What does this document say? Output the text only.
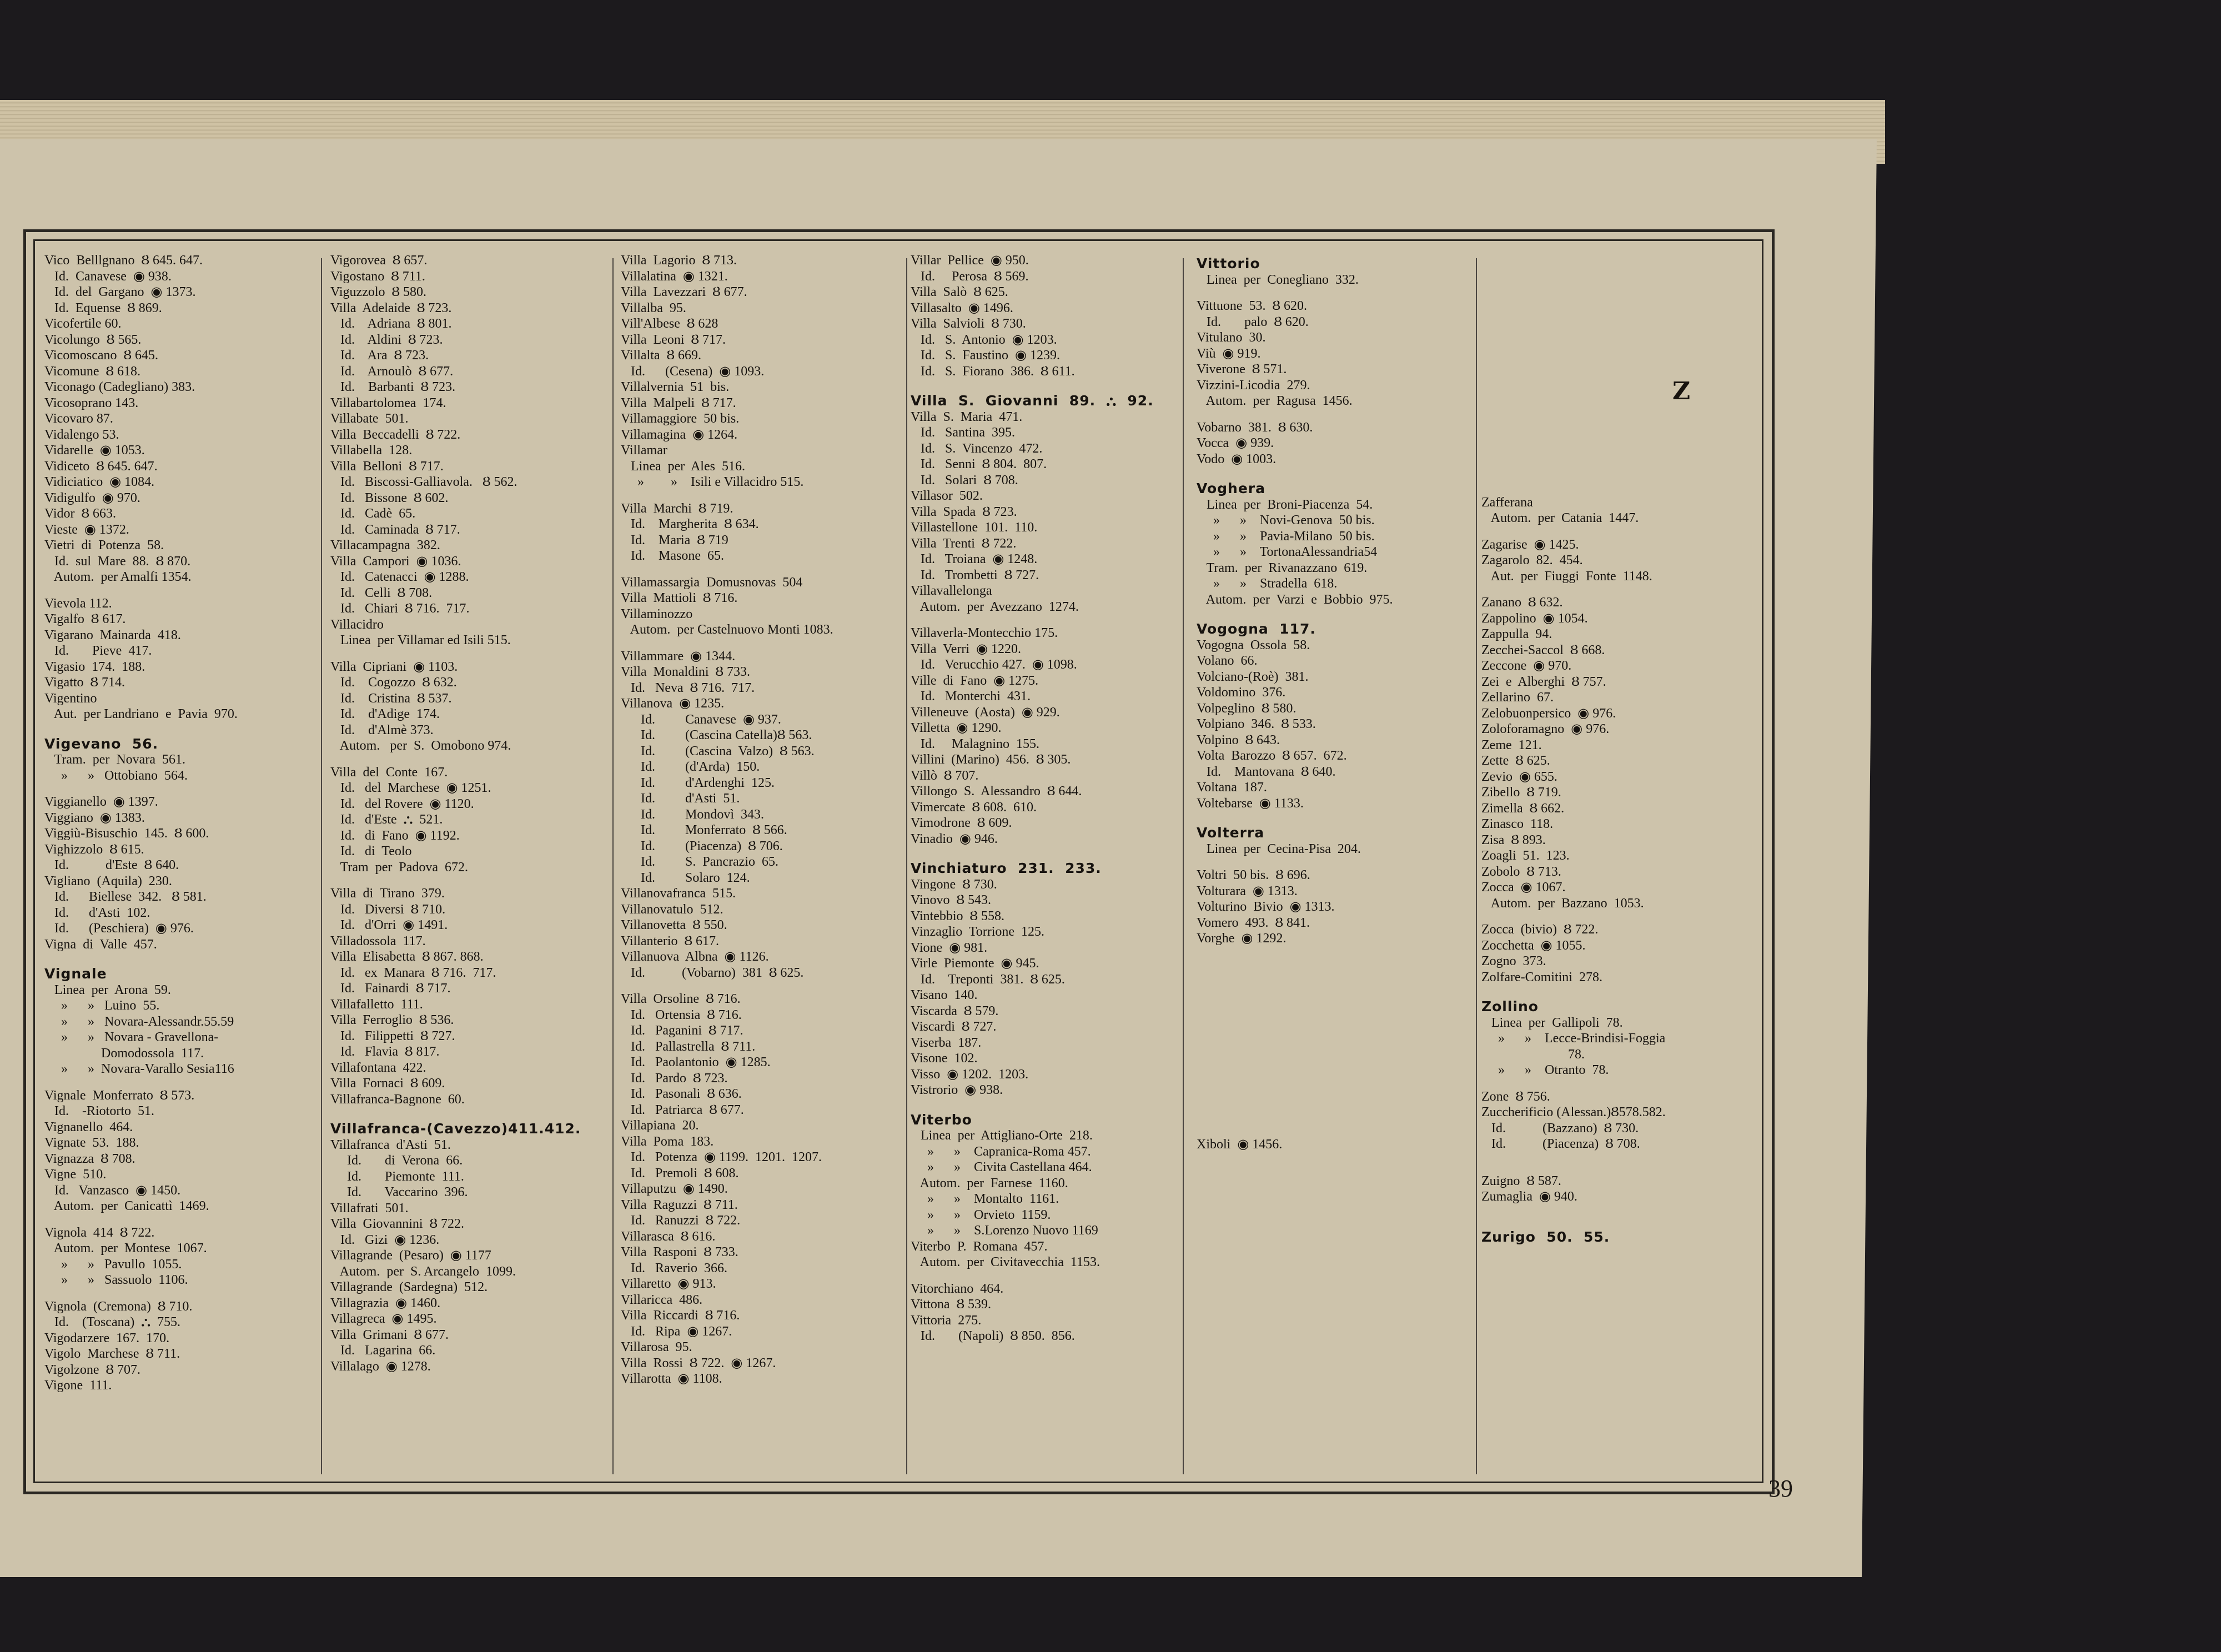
Vico  Belllgnano  Ȣ 645. 647.
Id.  Canavese  ◉ 938.
Id.  del  Gargano  ◉ 1373.
Id.  Equense  Ȣ 869.
Vicofertile 60.
Vicolungo  Ȣ 565.
Vicomoscano  Ȣ 645.
Vicomune  Ȣ 618.
Viconago (Cadegliano) 383.
Vicosoprano 143.
Vicovaro 87.
Vidalengo 53.
Vidarelle  ◉ 1053.
Vidiceto  Ȣ 645. 647.
Vidiciatico  ◉ 1084.
Vidigulfo  ◉ 970.
Vidor  Ȣ 663.
Vieste  ◉ 1372.
Vietri  di  Potenza  58.
Id.  sul  Mare  88.  Ȣ 870.
Autom.  per Amalfi 1354.
Vievola 112.
Vigalfo  Ȣ 617.
Vigarano  Mainarda  418.
Id.       Pieve  417.
Vigasio  174.  188.
Vigatto  Ȣ 714.
Vigentino
Aut.  per Landriano  e  Pavia  970.
Vigevano  56.
Tram.  per  Novara  561.
»      »   Ottobiano  564.
Viggianello  ◉ 1397.
Viggiano  ◉ 1383.
Viggiù-Bisuschio  145.  Ȣ 600.
Vighizzolo  Ȣ 615.
Id.           d'Este  Ȣ 640.
Vigliano  (Aquila)  230.
Id.      Biellese  342.   Ȣ 581.
Id.      d'Asti  102.
Id.      (Peschiera)  ◉ 976.
Vigna  di  Valle  457.
Vignale
Linea  per  Arona  59.
»      »   Luino  55.
»      »   Novara-Alessandr.55.59
»      »   Novara - Gravellona-
Domodossola  117.
»      »  Novara-Varallo Sesia116
Vignale  Monferrato  Ȣ 573.
Id.    -Riotorto  51.
Vignanello  464.
Vignate  53.  188.
Vignazza  Ȣ 708.
Vigne  510.
Id.   Vanzasco  ◉ 1450.
Autom.  per  Canicattì  1469.
Vignola  414  Ȣ 722.
Autom.  per  Montese  1067.
»      »   Pavullo  1055.
»      »   Sassuolo  1106.
Vignola  (Cremona)  Ȣ 710.
Id.    (Toscana)  ⛬  755.
Vigodarzere  167.  170.
Vigolo  Marchese  Ȣ 711.
Vigolzone  Ȣ 707.
Vigone  111.
Vigorovea  Ȣ 657.
Vigostano  Ȣ 711.
Viguzzolo  Ȣ 580.
Villa  Adelaide  Ȣ 723.
Id.    Adriana  Ȣ 801.
Id.    Aldini  Ȣ 723.
Id.    Ara  Ȣ 723.
Id.    Arnoulò  Ȣ 677.
Id.    Barbanti  Ȣ 723.
Villabartolomea  174.
Villabate  501.
Villa  Beccadelli  Ȣ 722.
Villabella  128.
Villa  Belloni  Ȣ 717.
Id.   Biscossi-Galliavola.   Ȣ 562.
Id.   Bissone  Ȣ 602.
Id.   Cadè  65.
Id.   Caminada  Ȣ 717.
Villacampagna  382.
Villa  Campori  ◉ 1036.
Id.   Catenacci  ◉ 1288.
Id.   Celli  Ȣ 708.
Id.   Chiari  Ȣ 716.  717.
Villacidro
Linea  per Villamar ed Isili 515.
Villa  Cipriani  ◉ 1103.
Id.    Cogozzo  Ȣ 632.
Id.    Cristina  Ȣ 537.
Id.    d'Adige  174.
Id.    d'Almè 373.
Autom.   per  S.  Omobono 974.
Villa  del  Conte  167.
Id.   del  Marchese  ◉ 1251.
Id.   del Rovere  ◉ 1120.
Id.   d'Este  ⛬  521.
Id.   di  Fano  ◉ 1192.
Id.   di  Teolo
Tram  per  Padova  672.
Villa  di  Tirano  379.
Id.   Diversi  Ȣ 710.
Id.   d'Orri  ◉ 1491.
Villadossola  117.
Villa  Elisabetta  Ȣ 867. 868.
Id.   ex  Manara  Ȣ 716.  717.
Id.   Fainardi  Ȣ 717.
Villafalletto  111.
Villa  Ferroglio  Ȣ 536.
Id.   Filippetti  Ȣ 727.
Id.   Flavia  Ȣ 817.
Villafontana  422.
Villa  Fornaci  Ȣ 609.
Villafranca-Bagnone  60.
Villafranca-(Cavezzo)411.412.
Villafranca  d'Asti  51.
Id.       di  Verona  66.
Id.       Piemonte  111.
Id.       Vaccarino  396.
Villafrati  501.
Villa  Giovannini  Ȣ 722.
Id.   Gizi  ◉ 1236.
Villagrande  (Pesaro)  ◉ 1177
Autom.  per  S. Arcangelo  1099.
Villagrande  (Sardegna)  512.
Villagrazia  ◉ 1460.
Villagreca  ◉ 1495.
Villa  Grimani  Ȣ 677.
Id.   Lagarina  66.
Villalago  ◉ 1278.
Villa  Lagorio  Ȣ 713.
Villalatina  ◉ 1321.
Villa  Lavezzari  Ȣ 677.
Villalba  95.
Vill'Albese  Ȣ 628
Villa  Leoni  Ȣ 717.
Villalta  Ȣ 669.
Id.      (Cesena)  ◉ 1093.
Villalvernia  51  bis.
Villa  Malpeli  Ȣ 717.
Villamaggiore  50 bis.
Villamagina  ◉ 1264.
Villamar
Linea  per  Ales  516.
»        »    Isili e Villacidro 515.
Villa  Marchi  Ȣ 719.
Id.    Margherita  Ȣ 634.
Id.    Maria  Ȣ 719
Id.    Masone  65.
Villamassargia  Domusnovas  504
Villa  Mattioli  Ȣ 716.
Villaminozzo
Autom.  per Castelnuovo Monti 1083.
Villammare  ◉ 1344.
Villa  Monaldini  Ȣ 733.
Id.   Neva  Ȣ 716.  717.
Villanova  ◉ 1235.
Id.         Canavese  ◉ 937.
Id.         (Cascina Catella)Ȣ 563.
Id.         (Cascina  Valzo)  Ȣ 563.
Id.         (d'Arda)  150.
Id.         d'Ardenghi  125.
Id.         d'Asti  51.
Id.         Mondovì  343.
Id.         Monferrato  Ȣ 566.
Id.         (Piacenza)  Ȣ 706.
Id.         S.  Pancrazio  65.
Id.         Solaro  124.
Villanovafranca  515.
Villanovatulo  512.
Villanovetta  Ȣ 550.
Villanterio  Ȣ 617.
Villanuova  Albna  ◉ 1126.
Id.           (Vobarno)  381  Ȣ 625.
Villa  Orsoline  Ȣ 716.
Id.   Ortensia  Ȣ 716.
Id.   Paganini  Ȣ 717.
Id.   Pallastrella  Ȣ 711.
Id.   Paolantonio  ◉ 1285.
Id.   Pardo  Ȣ 723.
Id.   Pasonali  Ȣ 636.
Id.   Patriarca  Ȣ 677.
Villapiana  20.
Villa  Poma  183.
Id.   Potenza  ◉ 1199.  1201.  1207.
Id.   Premoli  Ȣ 608.
Villaputzu  ◉ 1490.
Villa  Raguzzi  Ȣ 711.
Id.   Ranuzzi  Ȣ 722.
Villarasca  Ȣ 616.
Villa  Rasponi  Ȣ 733.
Id.   Raverio  366.
Villaretto  ◉ 913.
Villaricca  486.
Villa  Riccardi  Ȣ 716.
Id.   Ripa  ◉ 1267.
Villarosa  95.
Villa  Rossi  Ȣ 722.  ◉ 1267.
Villarotta  ◉ 1108.
Villar  Pellice  ◉ 950.
Id.     Perosa  Ȣ 569.
Villa  Salò  Ȣ 625.
Villasalto  ◉ 1496.
Villa  Salvioli  Ȣ 730.
Id.   S.  Antonio  ◉ 1203.
Id.   S.  Faustino  ◉ 1239.
Id.   S.  Fiorano  386.  Ȣ 611.
Villa  S.  Giovanni  89.  ⛬  92.
Villa  S.  Maria  471.
Id.   Santina  395.
Id.   S.  Vincenzo  472.
Id.   Senni  Ȣ 804.  807.
Id.   Solari  Ȣ 708.
Villasor  502.
Villa  Spada  Ȣ 723.
Villastellone  101.  110.
Villa  Trenti  Ȣ 722.
Id.   Troiana  ◉ 1248.
Id.   Trombetti  Ȣ 727.
Villavallelonga
Autom.  per  Avezzano  1274.
Villaverla-Montecchio 175.
Villa  Verri  ◉ 1220.
Id.   Verucchio 427.  ◉ 1098.
Ville  di  Fano  ◉ 1275.
Id.   Monterchi  431.
Villeneuve  (Aosta)  ◉ 929.
Villetta  ◉ 1290.
Id.     Malagnino  155.
Villini  (Marino)  456.  Ȣ 305.
Villò  Ȣ 707.
Villongo  S.  Alessandro  Ȣ 644.
Vimercate  Ȣ 608.  610.
Vimodrone  Ȣ 609.
Vinadio  ◉ 946.
Vinchiaturo  231.  233.
Vingone  Ȣ 730.
Vinovo  Ȣ 543.
Vintebbio  Ȣ 558.
Vinzaglio  Torrione  125.
Vione  ◉ 981.
Virle  Piemonte  ◉ 945.
Id.    Treponti  381.  Ȣ 625.
Visano  140.
Viscarda  Ȣ 579.
Viscardi  Ȣ 727.
Viserba  187.
Visone  102.
Visso  ◉ 1202.  1203.
Vistrorio  ◉ 938.
Viterbo
Linea  per  Attigliano-Orte  218.
»      »    Capranica-Roma 457.
»      »    Civita Castellana 464.
Autom.  per  Farnese  1160.
»      »    Montalto  1161.
»      »    Orvieto  1159.
»      »    S.Lorenzo Nuovo 1169
Viterbo  P.  Romana  457.
Autom.  per  Civitavecchia  1153.
Vitorchiano  464.
Vittona  Ȣ 539.
Vittoria  275.
Id.       (Napoli)  Ȣ 850.  856.
Vittorio
Linea  per  Conegliano  332.
Vittuone  53.  Ȣ 620.
Id.       palo  Ȣ 620.
Vitulano  30.
Viù  ◉ 919.
Viverone  Ȣ 571.
Vizzini-Licodia  279.
Autom.  per  Ragusa  1456.
Vobarno  381.  Ȣ 630.
Vocca  ◉ 939.
Vodo  ◉ 1003.
Voghera
Linea  per  Broni-Piacenza  54.
»      »    Novi-Genova  50 bis.
»      »    Pavia-Milano  50 bis.
»      »    TortonaAlessandria54
Tram.  per  Rivanazzano  619.
»      »    Stradella  618.
Autom.  per  Varzi  e  Bobbio  975.
Vogogna  117.
Vogogna  Ossola  58.
Volano  66.
Volciano-(Roè)  381.
Voldomino  376.
Volpeglino  Ȣ 580.
Volpiano  346.  Ȣ 533.
Volpino  Ȣ 643.
Volta  Barozzo  Ȣ 657.  672.
Id.    Mantovana  Ȣ 640.
Voltana  187.
Voltebarse  ◉ 1133.
Volterra
Linea  per  Cecina-Pisa  204.
Voltri  50 bis.  Ȣ 696.
Volturara  ◉ 1313.
Volturino  Bivio  ◉ 1313.
Vomero  493.  Ȣ 841.
Vorghe  ◉ 1292.
Xiboli  ◉ 1456.
Z
Zafferana
Autom.  per  Catania  1447.
Zagarise  ◉ 1425.
Zagarolo  82.  454.
Aut.  per  Fiuggi  Fonte  1148.
Zanano  Ȣ 632.
Zappolino  ◉ 1054.
Zappulla  94.
Zecchei-Saccol  Ȣ 668.
Zeccone  ◉ 970.
Zei  e  Alberghi  Ȣ 757.
Zellarino  67.
Zelobuonpersico  ◉ 976.
Zoloforamagno  ◉ 976.
Zeme  121.
Zette  Ȣ 625.
Zevio  ◉ 655.
Zibello  Ȣ 719.
Zimella  Ȣ 662.
Zinasco  118.
Zisa  Ȣ 893.
Zoagli  51.  123.
Zobolo  Ȣ 713.
Zocca  ◉ 1067.
Autom.  per  Bazzano  1053.
Zocca  (bivio)  Ȣ 722.
Zocchetta  ◉ 1055.
Zogno  373.
Zolfare-Comitini  278.
Zollino
Linea  per  Gallipoli  78.
»      »    Lecce-Brindisi-Foggia
78.
»      »    Otranto  78.
Zone  Ȣ 756.
Zuccherificio (Alessan.)Ȣ578.582.
Id.           (Bazzano)  Ȣ 730.
Id.           (Piacenza)  Ȣ 708.
Zuigno  Ȣ 587.
Zumaglia  ◉ 940.
Zurigo  50.  55.
39
